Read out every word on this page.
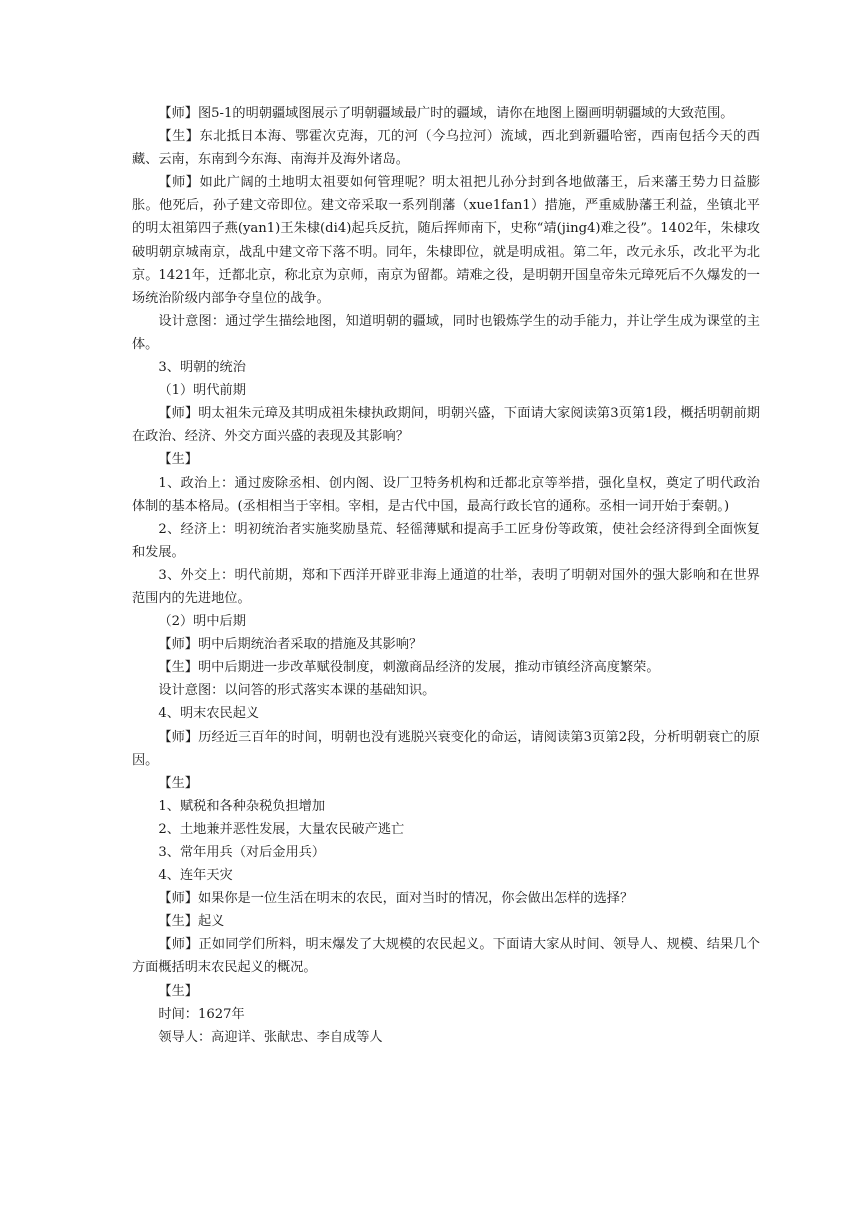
【师】图5-1的明朝疆域图展示了明朝疆域最广时的疆域，请你在地图上圈画明朝疆域的大致范围。

【生】东北抵日本海、鄂霍次克海，兀的河（今乌拉河）流域，西北到新疆哈密，西南包括今天的西藏、云南，东南到今东海、南海并及海外诸岛。

【师】如此广阔的土地明太祖要如何管理呢？明太祖把儿孙分封到各地做藩王，后来藩王势力日益膨胀。他死后，孙子建文帝即位。建文帝采取一系列削藩（xue1fan1）措施，严重威胁藩王利益，坐镇北平的明太祖第四子燕(yan1)王朱棣(di4)起兵反抗，随后挥师南下，史称“靖(jing4)难之役”。1402年，朱棣攻破明朝京城南京，战乱中建文帝下落不明。同年，朱棣即位，就是明成祖。第二年，改元永乐，改北平为北京。1421年，迁都北京，称北京为京师，南京为留都。靖难之役，是明朝开国皇帝朱元璋死后不久爆发的一场统治阶级内部争夺皇位的战争。

设计意图：通过学生描绘地图，知道明朝的疆域，同时也锻炼学生的动手能力，并让学生成为课堂的主体。

3、明朝的统治

（1）明代前期

【师】明太祖朱元璋及其明成祖朱棣执政期间，明朝兴盛，下面请大家阅读第3页第1段，概括明朝前期在政治、经济、外交方面兴盛的表现及其影响？

【生】

1、政治上：通过废除丞相、创内阁、设厂卫特务机构和迁都北京等举措，强化皇权，奠定了明代政治体制的基本格局。(丞相相当于宰相。宰相，是古代中国，最高行政长官的通称。丞相一词开始于秦朝。)

2、经济上：明初统治者实施奖励垦荒、轻徭薄赋和提高手工匠身份等政策，使社会经济得到全面恢复和发展。

3、外交上：明代前期，郑和下西洋开辟亚非海上通道的壮举，表明了明朝对国外的强大影响和在世界范围内的先进地位。

（2）明中后期

【师】明中后期统治者采取的措施及其影响？

【生】明中后期进一步改革赋役制度，刺激商品经济的发展，推动市镇经济高度繁荣。

设计意图：以问答的形式落实本课的基础知识。

4、明末农民起义

【师】历经近三百年的时间，明朝也没有逃脱兴衰变化的命运，请阅读第3页第2段，分析明朝衰亡的原因。

【生】

1、赋税和各种杂税负担增加

2、土地兼并恶性发展，大量农民破产逃亡

3、常年用兵（对后金用兵）

4、连年天灾

【师】如果你是一位生活在明末的农民，面对当时的情况，你会做出怎样的选择？

【生】起义

【师】正如同学们所料，明末爆发了大规模的农民起义。下面请大家从时间、领导人、规模、结果几个方面概括明末农民起义的概况。

【生】

时间：1627年

领导人：高迎详、张献忠、李自成等人
